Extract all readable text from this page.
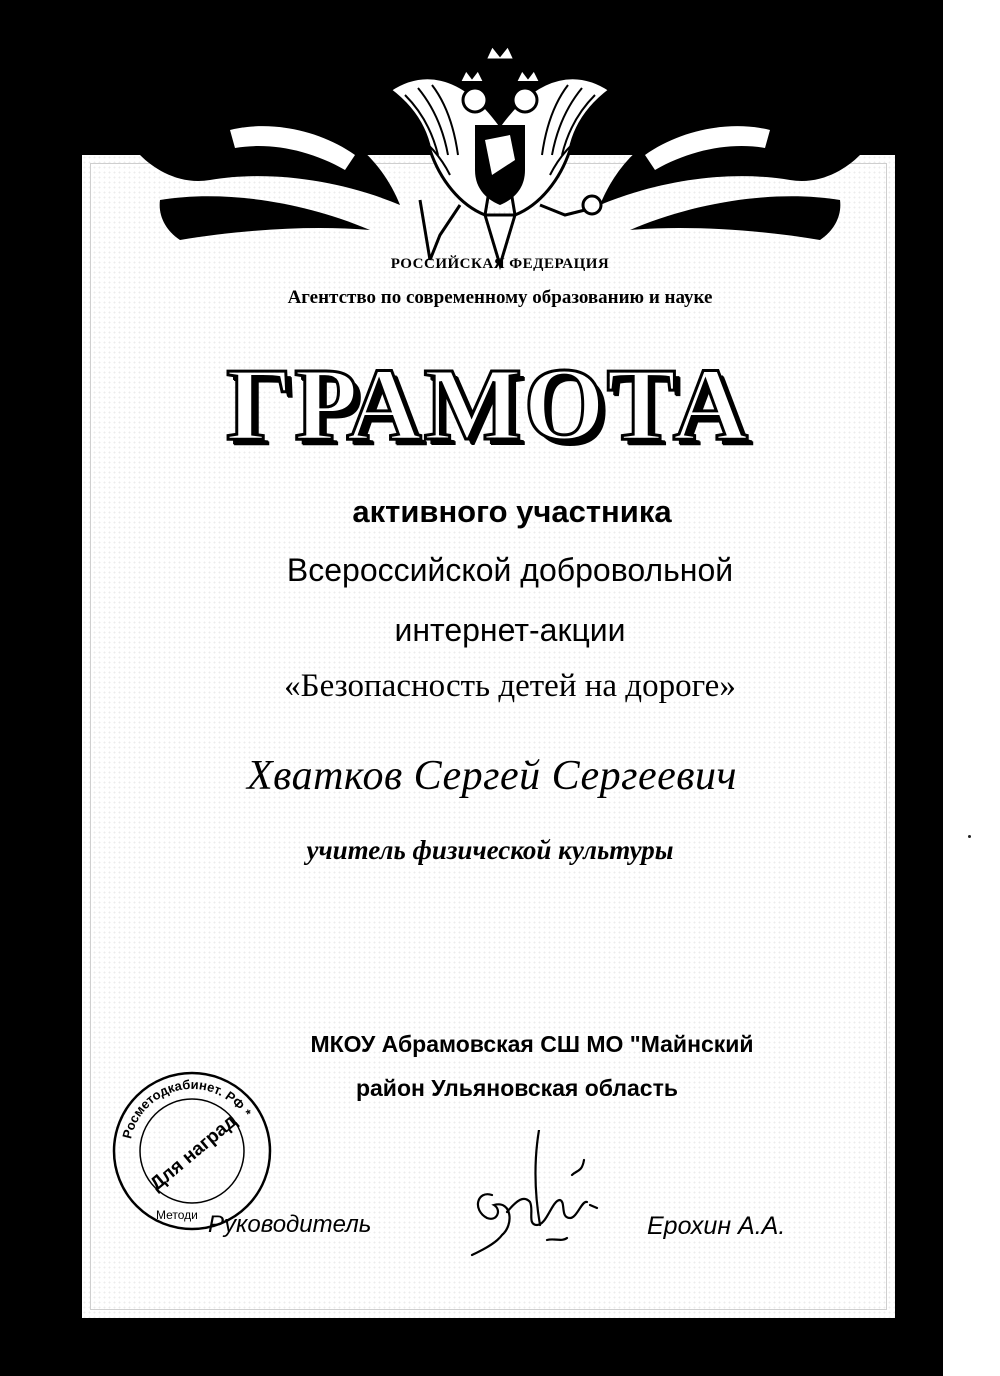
РОССИЙСКАЯ ФЕДЕРАЦИЯ
Агентство по современному образованию и науке
ГРАМОТА
активного участника
Всероссийской добровольной
интернет-акции
«Безопасность детей на дороге»
Хватков Сергей Сергеевич
учитель физической культуры
МКОУ Абрамовская СШ МО "Майнский
район Ульяновская область
Росметодкабинет. РФ *
Методи
Для наград
Руководитель	Ерохин А.А.
